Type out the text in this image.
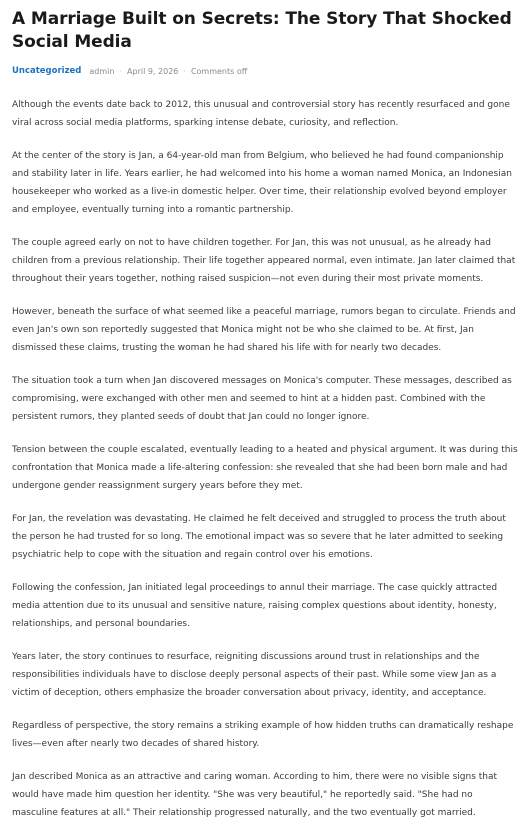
A Marriage Built on Secrets: The Story That Shocked Social Media
Uncategorized admin · April 9, 2026 · Comments off

Although the events date back to 2012, this unusual and controversial story has recently resurfaced and gone viral across social media platforms, sparking intense debate, curiosity, and reflection.

At the center of the story is Jan, a 64-year-old man from Belgium, who believed he had found companionship and stability later in life. Years earlier, he had welcomed into his home a woman named Monica, an Indonesian housekeeper who worked as a live-in domestic helper. Over time, their relationship evolved beyond employer and employee, eventually turning into a romantic partnership.

The couple agreed early on not to have children together. For Jan, this was not unusual, as he already had children from a previous relationship. Their life together appeared normal, even intimate. Jan later claimed that throughout their years together, nothing raised suspicion—not even during their most private moments.

However, beneath the surface of what seemed like a peaceful marriage, rumors began to circulate. Friends and even Jan's own son reportedly suggested that Monica might not be who she claimed to be. At first, Jan dismissed these claims, trusting the woman he had shared his life with for nearly two decades.

The situation took a turn when Jan discovered messages on Monica's computer. These messages, described as compromising, were exchanged with other men and seemed to hint at a hidden past. Combined with the persistent rumors, they planted seeds of doubt that Jan could no longer ignore.

Tension between the couple escalated, eventually leading to a heated and physical argument. It was during this confrontation that Monica made a life-altering confession: she revealed that she had been born male and had undergone gender reassignment surgery years before they met.

For Jan, the revelation was devastating. He claimed he felt deceived and struggled to process the truth about the person he had trusted for so long. The emotional impact was so severe that he later admitted to seeking psychiatric help to cope with the situation and regain control over his emotions.

Following the confession, Jan initiated legal proceedings to annul their marriage. The case quickly attracted media attention due to its unusual and sensitive nature, raising complex questions about identity, honesty, relationships, and personal boundaries.

Years later, the story continues to resurface, reigniting discussions around trust in relationships and the responsibilities individuals have to disclose deeply personal aspects of their past. While some view Jan as a victim of deception, others emphasize the broader conversation about privacy, identity, and acceptance.

Regardless of perspective, the story remains a striking example of how hidden truths can dramatically reshape lives—even after nearly two decades of shared history.

Jan described Monica as an attractive and caring woman. According to him, there were no visible signs that would have made him question her identity. "She was very beautiful," he reportedly said. "She had no masculine features at all." Their relationship progressed naturally, and the two eventually got married.
